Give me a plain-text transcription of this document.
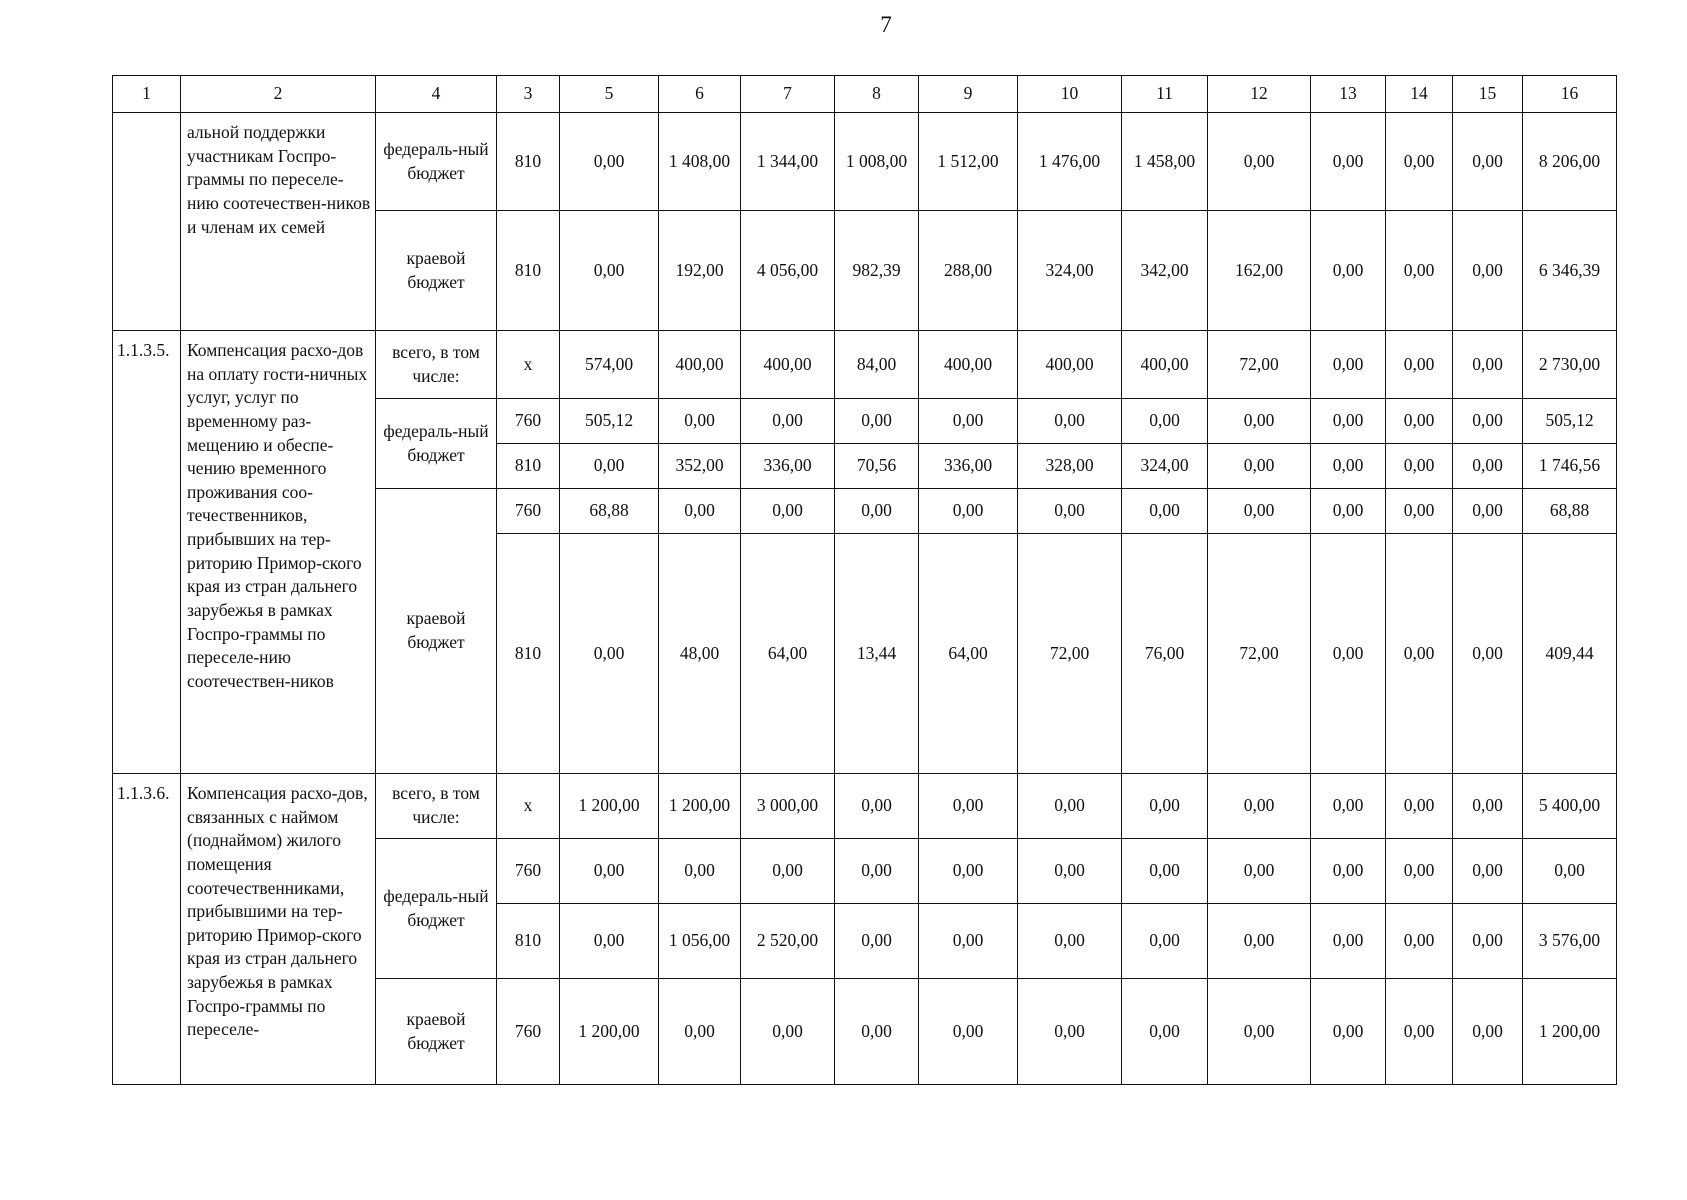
7
1	2	4	3	5	6	7	8	9	10	11	12	13	14	15	16
	альной поддержки участникам Госпро-граммы по переселе-нию соотечествен-ников и членам их семей	федераль-ный бюджет	810	0,00	1 408,00	1 344,00	1 008,00	1 512,00	1 476,00	1 458,00	0,00	0,00	0,00	0,00	8 206,00
		краевой бюджет	810	0,00	192,00	4 056,00	982,39	288,00	324,00	342,00	162,00	0,00	0,00	0,00	6 346,39
1.1.3.5.	Компенсация расхо-дов на оплату гости-ничных услуг, услуг по временному раз-мещению и обеспе-чению временного проживания соо-течественников, прибывших на тер-риторию Примор-ского края из стран дальнего зарубежья в рамках Госпро-граммы по переселе-нию соотечествен-ников	всего, в том числе:	х	574,00	400,00	400,00	84,00	400,00	400,00	400,00	72,00	0,00	0,00	0,00	2 730,00
		федераль-ный бюджет	760	505,12	0,00	0,00	0,00	0,00	0,00	0,00	0,00	0,00	0,00	0,00	505,12
			810	0,00	352,00	336,00	70,56	336,00	328,00	324,00	0,00	0,00	0,00	0,00	1 746,56
		краевой бюджет	760	68,88	0,00	0,00	0,00	0,00	0,00	0,00	0,00	0,00	0,00	0,00	68,88
			810	0,00	48,00	64,00	13,44	64,00	72,00	76,00	72,00	0,00	0,00	0,00	409,44
1.1.3.6.	Компенсация расхо-дов, связанных с наймом (поднаймом) жилого помещения соотечественниками, прибывшими на тер-риторию Примор-ского края из стран дальнего зарубежья в рамках Госпро-граммы по переселе-	всего, в том числе:	х	1 200,00	1 200,00	3 000,00	0,00	0,00	0,00	0,00	0,00	0,00	0,00	0,00	5 400,00
		федераль-ный бюджет	760	0,00	0,00	0,00	0,00	0,00	0,00	0,00	0,00	0,00	0,00	0,00	0,00
			810	0,00	1 056,00	2 520,00	0,00	0,00	0,00	0,00	0,00	0,00	0,00	0,00	3 576,00
		краевой бюджет	760	1 200,00	0,00	0,00	0,00	0,00	0,00	0,00	0,00	0,00	0,00	0,00	1 200,00
